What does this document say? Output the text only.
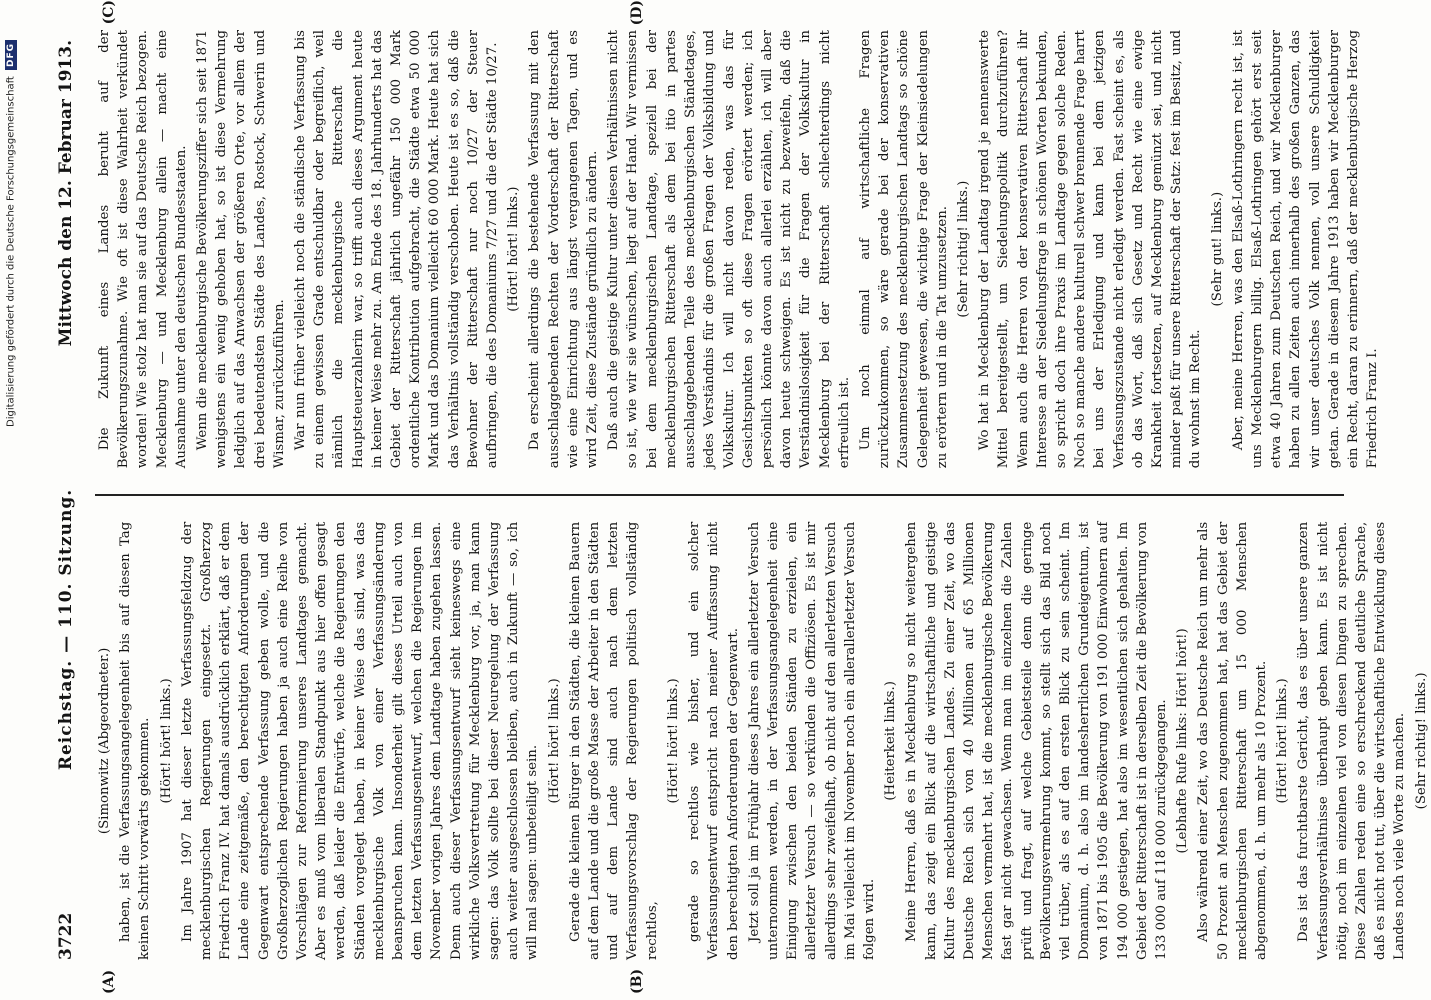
Digitalisierung gefördert durch die Deutsche Forschungsgemeinschaft
DFG
3722
Reichstag. — 110. Sitzung.
Mittwoch den 12. Februar 1913.
(A)	(B)
(C)	(D)

(Simonwitz (Abgeordneter.) haben, ist die Verfassungsangelegenheit bis auf diesen Tag keinen Schritt vorwärts gekommen. (Hört! hört! links.) Im Jahre 1907 hat dieser letzte Verfassungsfeldzug der mecklenburgischen Regierungen eingesetzt. Großherzog Friedrich Franz IV. hat damals ausdrücklich erklärt, daß er dem Lande eine zeitgemäße, den berechtigten Anforderungen der Gegenwart entsprechende Verfassung geben wolle, und die Großherzoglichen Regierungen haben ja auch eine Reihe von Vorschlägen zur Reformierung unseres Landtages gemacht. Aber es muß vom liberalen Standpunkt aus hier offen gesagt werden, daß leider die Entwürfe, welche die Regierungen den Ständen vorgelegt haben, in keiner Weise das sind, was das mecklenburgische Volk von einer Verfassungsänderung beanspruchen kann. Insonderheit gilt dieses Urteil auch von dem letzten Verfassungsentwurf, welchen die Regierungen im November vorigen Jahres dem Landtage haben zugehen lassen. Denn auch dieser Verfassungsentwurf sieht keineswegs eine wirkliche Volksvertretung für Mecklenburg vor, ja, man kann sagen: das Volk sollte bei dieser Neuregelung der Verfassung auch weiter ausgeschlossen bleiben, auch in Zukunft — so, ich will mal sagen: unbeteiligt sein.

(Hört! hört! links.) Gerade die kleinen Bürger in den Städten, die kleinen Bauern auf dem Lande und die große Masse der Arbeiter in den Städten und auf dem Lande sind auch nach dem letzten Verfassungsvorschlag der Regierungen politisch vollständig rechtlos,

(Hört! hört! links.) gerade so rechtlos wie bisher, und ein solcher Verfassungsentwurf entspricht nach meiner Auffassung nicht den berechtigten Anforderungen der Gegenwart. Jetzt soll ja im Frühjahr dieses Jahres ein allerletzter Versuch unternommen werden, in der Verfassungsangelegenheit eine Einigung zwischen den beiden Ständen zu erzielen, ein allerletzter Versuch — so verkünden die Offiziösen. Es ist mir allerdings sehr zweifelhaft, ob nicht auf den allerletzten Versuch im Mai vielleicht im November noch ein allerallerletzter Versuch folgen wird.

(Heiterkeit links.) Meine Herren, daß es in Mecklenburg so nicht weitergehen kann, das zeigt ein Blick auf die wirtschaftliche und geistige Kultur des mecklenburgischen Landes. Zu einer Zeit, wo das Deutsche Reich sich von 40 Millionen auf 65 Millionen Menschen vermehrt hat, ist die mecklenburgische Bevölkerung fast gar nicht gewachsen. Wenn man im einzelnen die Zahlen prüft und fragt, auf welche Gebietsteile denn die geringe Bevölkerungsvermehrung kommt, so stellt sich das Bild noch viel trüber, als es auf den ersten Blick zu sein scheint. Im Domanium, d. h. also im landesherrlichen Grundeigentum, ist von 1871 bis 1905 die Bevölkerung von 191 000 Einwohnern auf 194 000 gestiegen, hat also im wesentlichen sich gehalten. Im Gebiet der Ritterschaft ist in derselben Zeit die Bevölkerung von 133 000 auf 118 000 zurückgegangen. (Lebhafte Rufe links: Hört! hört!) Also während einer Zeit, wo das Deutsche Reich um mehr als 50 Prozent an Menschen zugenommen hat, hat das Gebiet der mecklenburgischen Ritterschaft um 15 000 Menschen abgenommen, d. h. um mehr als 10 Prozent. (Hört! hört! links.) Das ist das furchtbarste Gericht, das es über unsere ganzen Verfassungsverhältnisse überhaupt geben kann. Es ist nicht nötig, noch im einzelnen viel von diesen Dingen zu sprechen. Diese Zahlen reden eine so erschreckend deutliche Sprache, daß es nicht not tut, über die wirtschaftliche Entwicklung dieses Landes noch viele Worte zu machen. (Sehr richtig! links.)

Die Zukunft eines Landes beruht auf der Bevölkerungszunahme. Wie oft ist diese Wahrheit verkündet worden! Wie stolz hat man sie auf das Deutsche Reich bezogen. Mecklenburg — und Mecklenburg allein — macht eine Ausnahme unter den deutschen Bundesstaaten. Wenn die mecklenburgische Bevölkerungsziffer sich seit 1871 wenigstens ein wenig gehoben hat, so ist diese Vermehrung lediglich auf das Anwachsen der größeren Orte, vor allem der drei bedeutendsten Städte des Landes, Rostock, Schwerin und Wismar, zurückzuführen. War nun früher vielleicht noch die ständische Verfassung bis zu einem gewissen Grade entschuldbar oder begreiflich, weil nämlich die mecklenburgische Ritterschaft die Hauptsteuerzahlerin war, so trifft auch dieses Argument heute in keiner Weise mehr zu. Am Ende des 18. Jahrhunderts hat das Gebiet der Ritterschaft jährlich ungefähr 150 000 Mark ordentliche Kontribution aufgebracht, die Städte etwa 50 000 Mark und das Domanium vielleicht 60 000 Mark. Heute hat sich das Verhältnis vollständig verschoben. Heute ist es so, daß die Bewohner der Ritterschaft nur noch 10/27 der Steuer aufbringen, die des Domaniums 7/27 und die der Städte 10/27. (Hört! hört! links.) Da erscheint allerdings die bestehende Verfassung mit den ausschlaggebenden Rechten der Vorderschaft der Ritterschaft wie eine Einrichtung aus längst vergangenen Tagen, und es wird Zeit, diese Zustände gründlich zu ändern. Daß auch die geistige Kultur unter diesen Verhältnissen nicht so ist, wie wir sie wünschen, liegt auf der Hand. Wir vermissen bei dem mecklenburgischen Landtage, speziell bei der mecklenburgischen Ritterschaft als dem bei itio in partes ausschlaggebenden Teile des mecklenburgischen Ständetages, jedes Verständnis für die großen Fragen der Volksbildung und Volkskultur. Ich will nicht davon reden, was das für Gesichtspunkten so oft diese Fragen erörtert werden; ich persönlich könnte davon auch allerlei erzählen, ich will aber davon heute schweigen. Es ist nicht zu bezweifeln, daß die Verständnislosigkeit für die Fragen der Volkskultur in Mecklenburg bei der Ritterschaft schlechterdings nicht erfreulich ist. Um noch einmal auf wirtschaftliche Fragen zurückzukommen, so wäre gerade bei der konservativen Zusammensetzung des mecklenburgischen Landtags so schöne Gelegenheit gewesen, die wichtige Frage der Kleinsiedelungen zu erörtern und in die Tat umzusetzen. (Sehr richtig! links.) Wo hat in Mecklenburg der Landtag irgend je nennenswerte Mittel bereitgestellt, um Siedelungspolitik durchzuführen? Wenn auch die Herren von der konservativen Ritterschaft ihr Interesse an der Siedelungsfrage in schönen Worten bekunden, so spricht doch ihre Praxis im Landtage gegen solche Reden. Noch so manche andere kulturell schwer brennende Frage harrt bei uns der Erledigung und kann bei dem jetzigen Verfassungszustande nicht erledigt werden. Fast scheint es, als ob das Wort, daß sich Gesetz und Recht wie eine ewige Krankheit fortsetzen, auf Mecklenburg gemünzt sei, und nicht minder paßt für unsere Ritterschaft der Satz: fest im Besitz, und du wohnst im Recht.

(Sehr gut! links.) Aber, meine Herren, was den Elsaß-Lothringern recht ist, ist uns Mecklenburgern billig. Elsaß-Lothringen gehört erst seit etwa 40 Jahren zum Deutschen Reich, und wir Mecklenburger haben zu allen Zeiten auch innerhalb des großen Ganzen, das wir unser deutsches Volk nennen, voll unsere Schuldigkeit getan. Gerade in diesem Jahre 1913 haben wir Mecklenburger ein Recht, daran zu erinnern, daß der mecklenburgische Herzog Friedrich Franz I.
